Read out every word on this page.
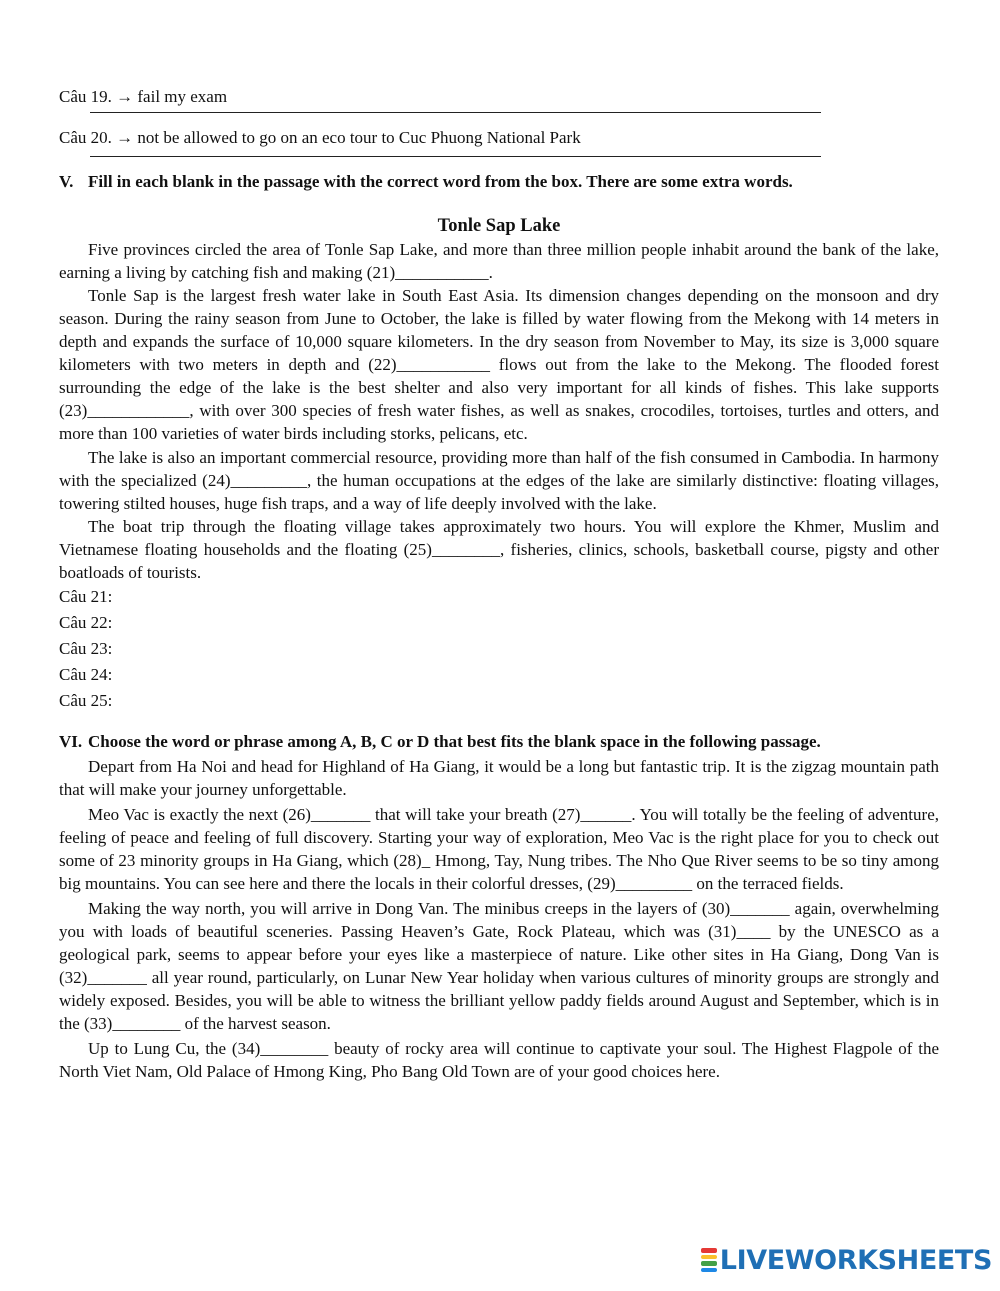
Câu 19. → fail my exam

Câu 20. → not be allowed to go on an eco tour to Cuc Phuong National Park

V. Fill in each blank in the passage with the correct word from the box. There are some extra words.

Tonle Sap Lake

Five provinces circled the area of Tonle Sap Lake, and more than three million people inhabit around the bank of the lake, earning a living by catching fish and making (21)___________.

Tonle Sap is the largest fresh water lake in South East Asia. Its dimension changes depending on the monsoon and dry season. During the rainy season from June to October, the lake is filled by water flowing from the Mekong with 14 meters in depth and expands the surface of 10,000 square kilometers. In the dry season from November to May, its size is 3,000 square kilometers with two meters in depth and (22)___________ flows out from the lake to the Mekong. The flooded forest surrounding the edge of the lake is the best shelter and also very important for all kinds of fishes. This lake supports (23)____________, with over 300 species of fresh water fishes, as well as snakes, crocodiles, tortoises, turtles and otters, and more than 100 varieties of water birds including storks, pelicans, etc.

The lake is also an important commercial resource, providing more than half of the fish consumed in Cambodia. In harmony with the specialized (24)_________, the human occupations at the edges of the lake are similarly distinctive: floating villages, towering stilted houses, huge fish traps, and a way of life deeply involved with the lake.

The boat trip through the floating village takes approximately two hours. You will explore the Khmer, Muslim and Vietnamese floating households and the floating (25)________, fisheries, clinics, schools, basketball course, pigsty and other boatloads of tourists.

Câu 21:

Câu 22:

Câu 23:

Câu 24:

Câu 25:

VI. Choose the word or phrase among A, B, C or D that best fits the blank space in the following passage.

Depart from Ha Noi and head for Highland of Ha Giang, it would be a long but fantastic trip. It is the zigzag mountain path that will make your journey unforgettable.

Meo Vac is exactly the next (26)_______ that will take your breath (27)______. You will totally be the feeling of adventure, feeling of peace and feeling of full discovery. Starting your way of exploration, Meo Vac is the right place for you to check out some of 23 minority groups in Ha Giang, which (28)_ Hmong, Tay, Nung tribes. The Nho Que River seems to be so tiny among big mountains. You can see here and there the locals in their colorful dresses, (29)_________ on the terraced fields.

Making the way north, you will arrive in Dong Van. The minibus creeps in the layers of (30)_______ again, overwhelming you with loads of beautiful sceneries. Passing Heaven’s Gate, Rock Plateau, which was (31)____ by the UNESCO as a geological park, seems to appear before your eyes like a masterpiece of nature. Like other sites in Ha Giang, Dong Van is (32)_______ all year round, particularly, on Lunar New Year holiday when various cultures of minority groups are strongly and widely exposed. Besides, you will be able to witness the brilliant yellow paddy fields around August and September, which is in the (33)________ of the harvest season.

Up to Lung Cu, the (34)________ beauty of rocky area will continue to captivate your soul. The Highest Flagpole of the North Viet Nam, Old Palace of Hmong King, Pho Bang Old Town are of your good choices here.

LIVEWORKSHEETS
